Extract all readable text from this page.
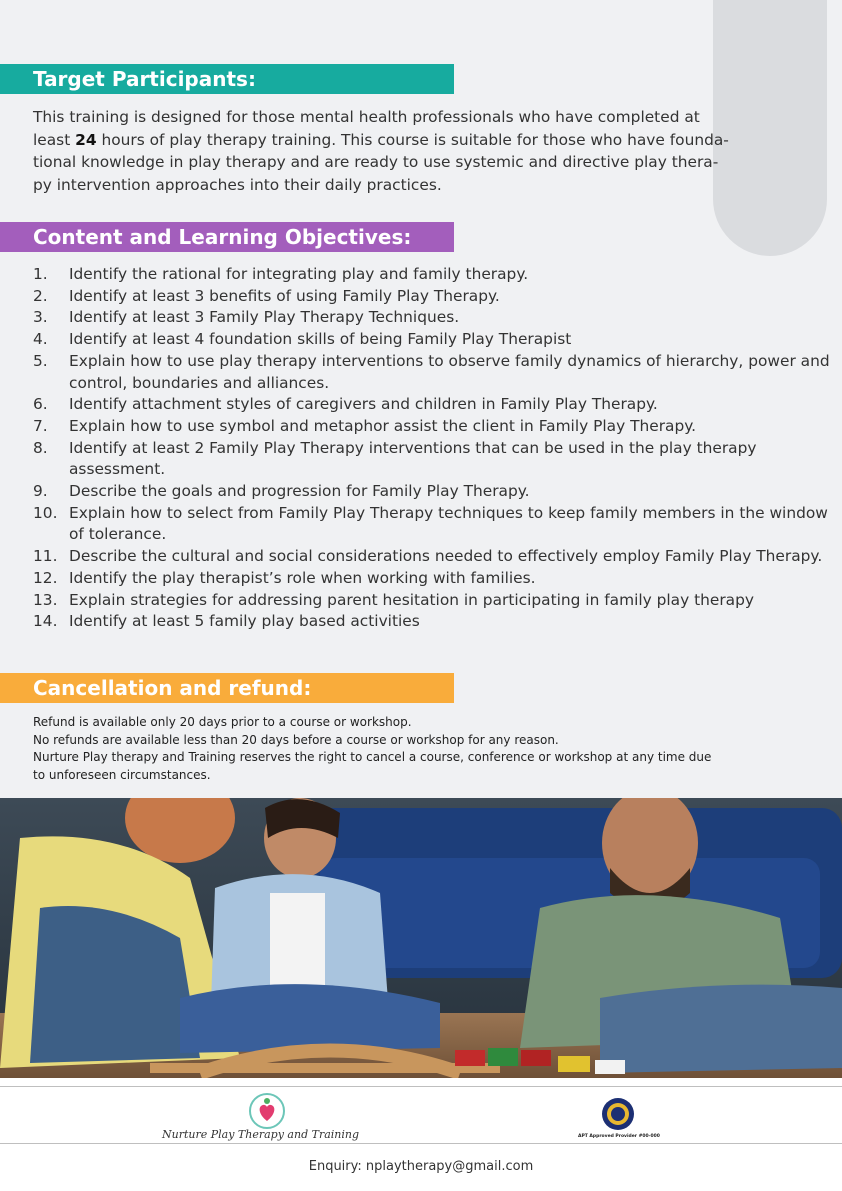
Target Participants:
This training is designed for those mental health professionals who have completed at
least 24 hours of play therapy training. This course is suitable for those who have founda-
tional knowledge in play therapy and are ready to use systemic and directive play thera-
py intervention approaches into their daily practices.
Content and Learning Objectives:
1.	Identify the rational for integrating play and family therapy.
2.	Identify at least 3 benefits of using Family Play Therapy.
3.	Identify at least 3 Family Play Therapy Techniques.
4.	Identify at least 4 foundation skills of being Family Play Therapist
5.	Explain how to use play therapy interventions to observe family dynamics of hierarchy, power and control, boundaries and alliances.
6.	Identify attachment styles of caregivers and children in Family Play Therapy.
7.	Explain how to use symbol and metaphor assist the client in Family Play Therapy.
8.	Identify at least 2 Family Play Therapy interventions that can be used in the play therapy assessment.
9.	Describe the goals and progression for Family Play Therapy.
10. Explain how to select from Family Play Therapy techniques to keep family members in the window of tolerance.
11. Describe the cultural and social considerations needed to effectively employ Family Play Therapy.
12. Identify the play therapist’s role when working with families.
13. Explain strategies for addressing parent hesitation in participating in family play therapy
14. Identify at least 5 family play based activities
Cancellation and refund:
Refund is available only 20 days prior to a course or workshop.
No refunds are available less than 20 days before a course or workshop for any reason.
Nurture Play therapy and Training reserves the right to cancel a course, conference or workshop at any time due
to unforeseen circumstances.
Nurture Play Therapy and Training	APT Approved Provider #00-000
Enquiry: nplaytherapy@gmail.com
